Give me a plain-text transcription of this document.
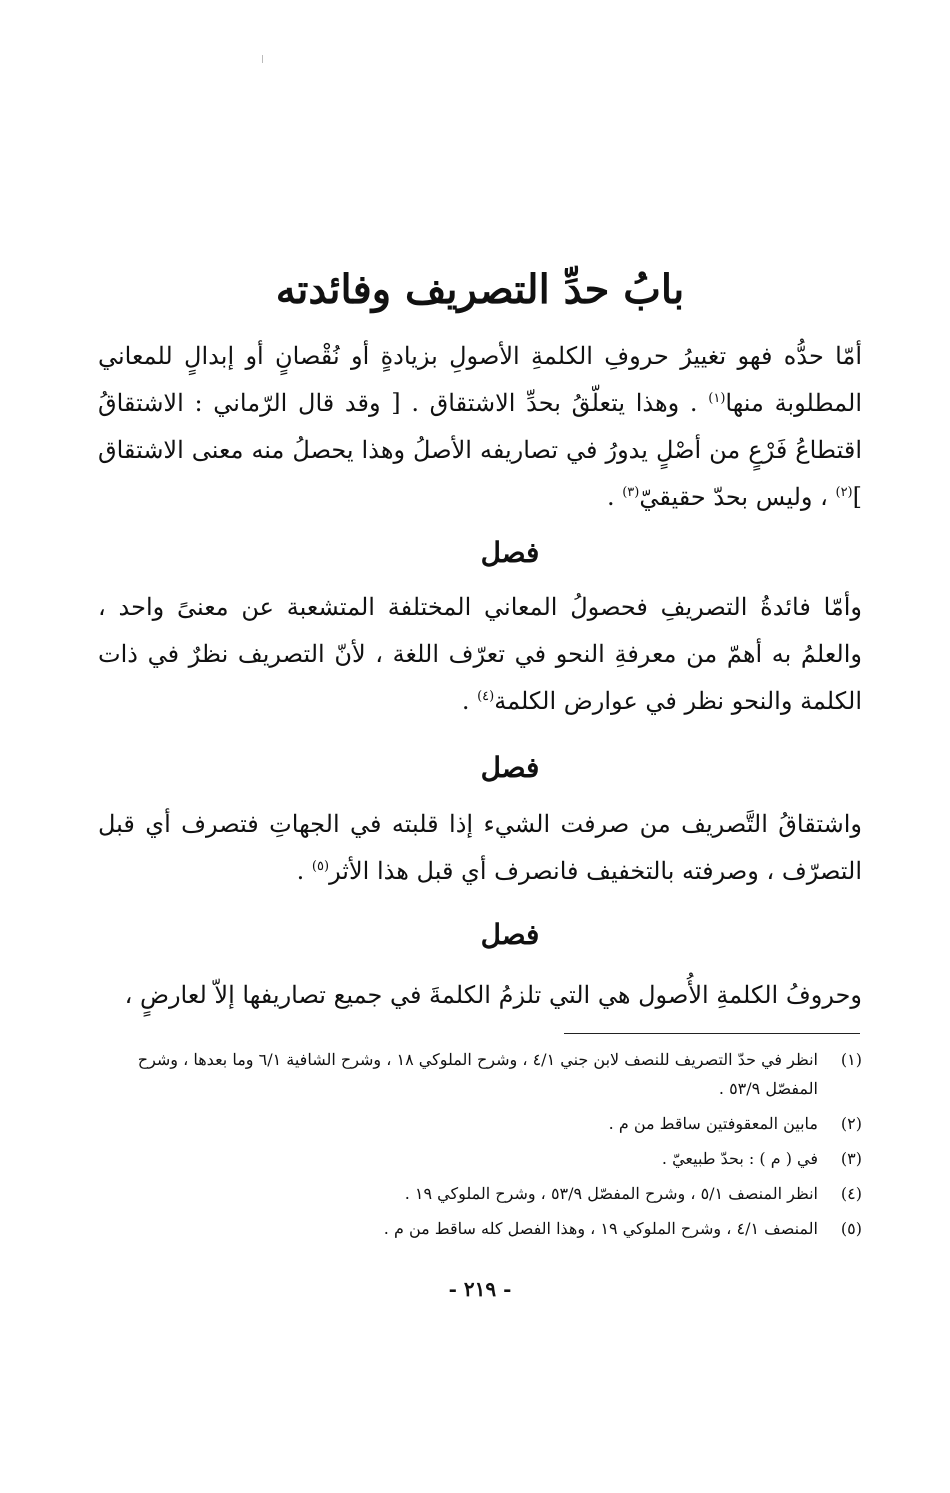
بابُ حدِّ التصريف وفائدته

أمّا حدُّه فهو تغييرُ حروفِ الكلمةِ الأصولِ بزيادةٍ أو نُقْصانٍ أو إبدالٍ للمعاني المطلوبة منها$^{(١)}$ . وهذا يتعلّقُ بحدِّ الاشتقاق . [ وقد قال الرّماني : الاشتقاقُ اقتطاعُ فَرْعٍ من أصْلٍ يدورُ في تصاريفه الأصلُ وهذا يحصلُ منه معنى الاشتقاق ]$^{(٢)}$ ، وليس بحدّ حقيقيّ$^{(٣)}$ .

فصل

وأمّا فائدةُ التصريفِ فحصولُ المعاني المختلفة المتشعبة عن معنىً واحد ، والعلمُ به أهمّ من معرفةِ النحو في تعرّف اللغة ، لأنّ التصريف نظرٌ في ذات الكلمة والنحو نظر في عوارض الكلمة$^{(٤)}$ .

فصل

واشتقاقُ التَّصريف من صرفت الشيء إذا قلبته في الجهاتِ فتصرف أي قبل التصرّف ، وصرفته بالتخفيف فانصرف أي قبل هذا الأثر$^{(٥)}$ .

فصل

وحروفُ الكلمةِ الأُصول هي التي تلزمُ الكلمةَ في جميع تصاريفها إلاّ لعارضٍ ،

(١)
انظر في حدّ التصريف للنصف لابن جني ٤/١ ، وشرح الملوكي ١٨ ، وشرح الشافية ٦/١ وما بعدها ، وشرح المفصّل ٥٣/٩ .
(٢)
مابين المعقوفتين ساقط من م .
(٣)
في ( م ) : بحدّ طبيعيّ .
(٤)
انظر المنصف ٥/١ ، وشرح المفصّل ٥٣/٩ ، وشرح الملوكي ١٩ .
(٥)
المنصف ٤/١ ، وشرح الملوكي ١٩ ، وهذا الفصل كله ساقط من م .
- ٢١٩ -
